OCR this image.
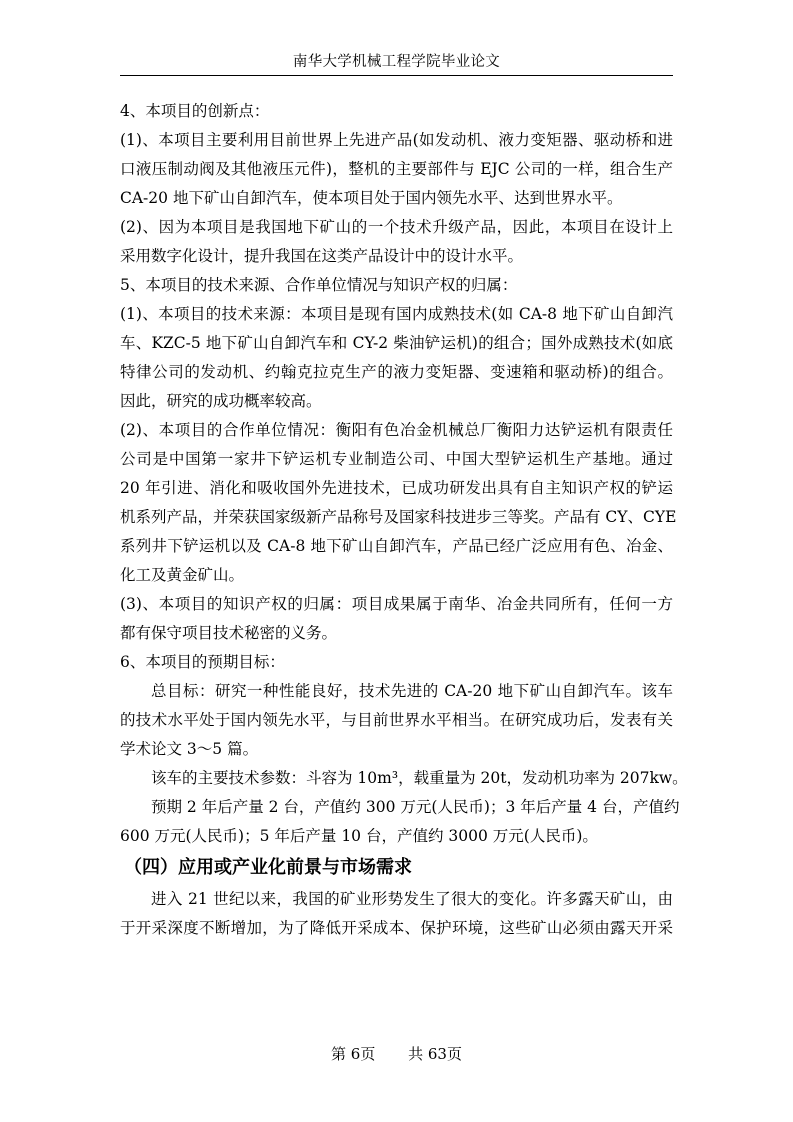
南华大学机械工程学院毕业论文
4、本项目的创新点：
(1)、本项目主要利用目前世界上先进产品(如发动机、液力变矩器、驱动桥和进
口液压制动阀及其他液压元件)，整机的主要部件与 EJC 公司的一样，组合生产
CA-20 地下矿山自卸汽车，使本项目处于国内领先水平、达到世界水平。
(2)、因为本项目是我国地下矿山的一个技术升级产品，因此，本项目在设计上
采用数字化设计，提升我国在这类产品设计中的设计水平。
5、本项目的技术来源、合作单位情况与知识产权的归属：
(1)、本项目的技术来源：本项目是现有国内成熟技术(如 CA-8 地下矿山自卸汽
车、KZC-5 地下矿山自卸汽车和 CY-2 柴油铲运机)的组合；国外成熟技术(如底
特律公司的发动机、约翰克拉克生产的液力变矩器、变速箱和驱动桥)的组合。
因此，研究的成功概率较高。
(2)、本项目的合作单位情况：衡阳有色冶金机械总厂衡阳力达铲运机有限责任
公司是中国第一家井下铲运机专业制造公司、中国大型铲运机生产基地。通过
20 年引进、消化和吸收国外先进技术，已成功研发出具有自主知识产权的铲运
机系列产品，并荣获国家级新产品称号及国家科技进步三等奖。产品有 CY、CYE
系列井下铲运机以及 CA-8 地下矿山自卸汽车，产品已经广泛应用有色、冶金、
化工及黄金矿山。
(3)、本项目的知识产权的归属：项目成果属于南华、冶金共同所有，任何一方
都有保守项目技术秘密的义务。
6、本项目的预期目标：
总目标：研究一种性能良好，技术先进的 CA-20 地下矿山自卸汽车。该车
的技术水平处于国内领先水平，与目前世界水平相当。在研究成功后，发表有关
学术论文 3～5 篇。
该车的主要技术参数：斗容为 10m³，载重量为 20t，发动机功率为 207kw。
预期 2 年后产量 2 台，产值约 300 万元(人民币)；3 年后产量 4 台，产值约
600 万元(人民币)；5 年后产量 10 台，产值约 3000 万元(人民币)。
（四）应用或产业化前景与市场需求
进入 21 世纪以来，我国的矿业形势发生了很大的变化。许多露天矿山，由
于开采深度不断增加，为了降低开采成本、保护环境，这些矿山必须由露天开采
第 6页 共 63页
